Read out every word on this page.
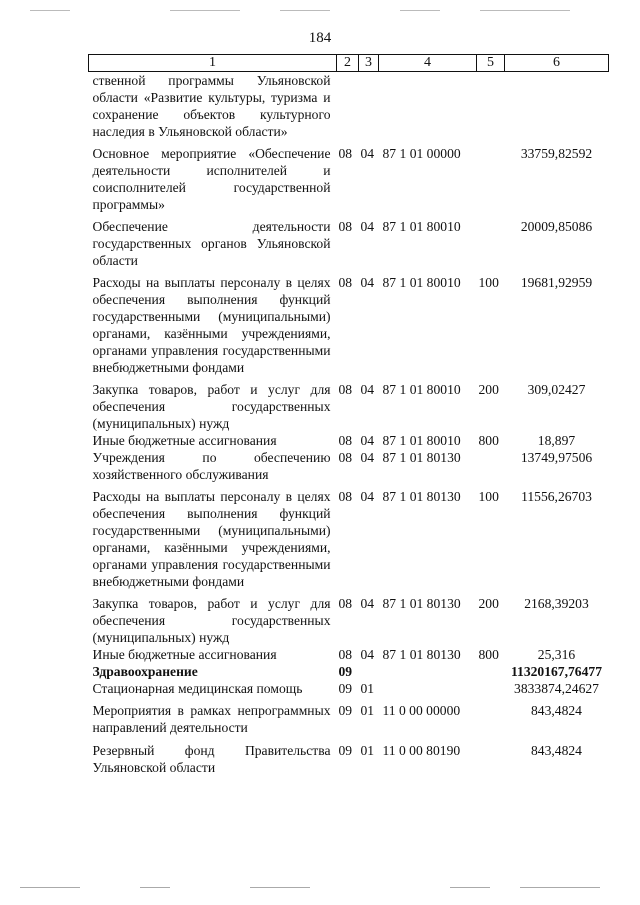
184
1	2	3	4	5	6
ственной программы Ульяновской области «Развитие культуры, туризма и сохранение объектов культурного наследия в Ульяновской области»					
Основное мероприятие «Обеспечение деятельности исполнителей и соисполнителей государственной программы»	08	04	87 1 01 00000		33759,82592
Обеспечение деятельности государственных органов Ульяновской области	08	04	87 1 01 80010		20009,85086
Расходы на выплаты персоналу в целях обеспечения выполнения функций государственными (муниципальными) органами, казёнными учреждениями, органами управления государственными внебюджетными фондами	08	04	87 1 01 80010	100	19681,92959
Закупка товаров, работ и услуг для обеспечения государственных (муниципальных) нужд	08	04	87 1 01 80010	200	309,02427
Иные бюджетные ассигнования	08	04	87 1 01 80010	800	18,897
Учреждения по обеспечению хозяйственного обслуживания	08	04	87 1 01 80130		13749,97506
Расходы на выплаты персоналу в целях обеспечения выполнения функций государственными (муниципальными) органами, казёнными учреждениями, органами управления государственными внебюджетными фондами	08	04	87 1 01 80130	100	11556,26703
Закупка товаров, работ и услуг для обеспечения государственных (муниципальных) нужд	08	04	87 1 01 80130	200	2168,39203
Иные бюджетные ассигнования	08	04	87 1 01 80130	800	25,316
Здравоохранение	09				11320167,76477
Стационарная медицинская помощь	09	01			3833874,24627
Мероприятия в рамках непрограммных направлений деятельности	09	01	11 0 00 00000		843,4824
Резервный фонд Правительства Ульяновской области	09	01	11 0 00 80190		843,4824
